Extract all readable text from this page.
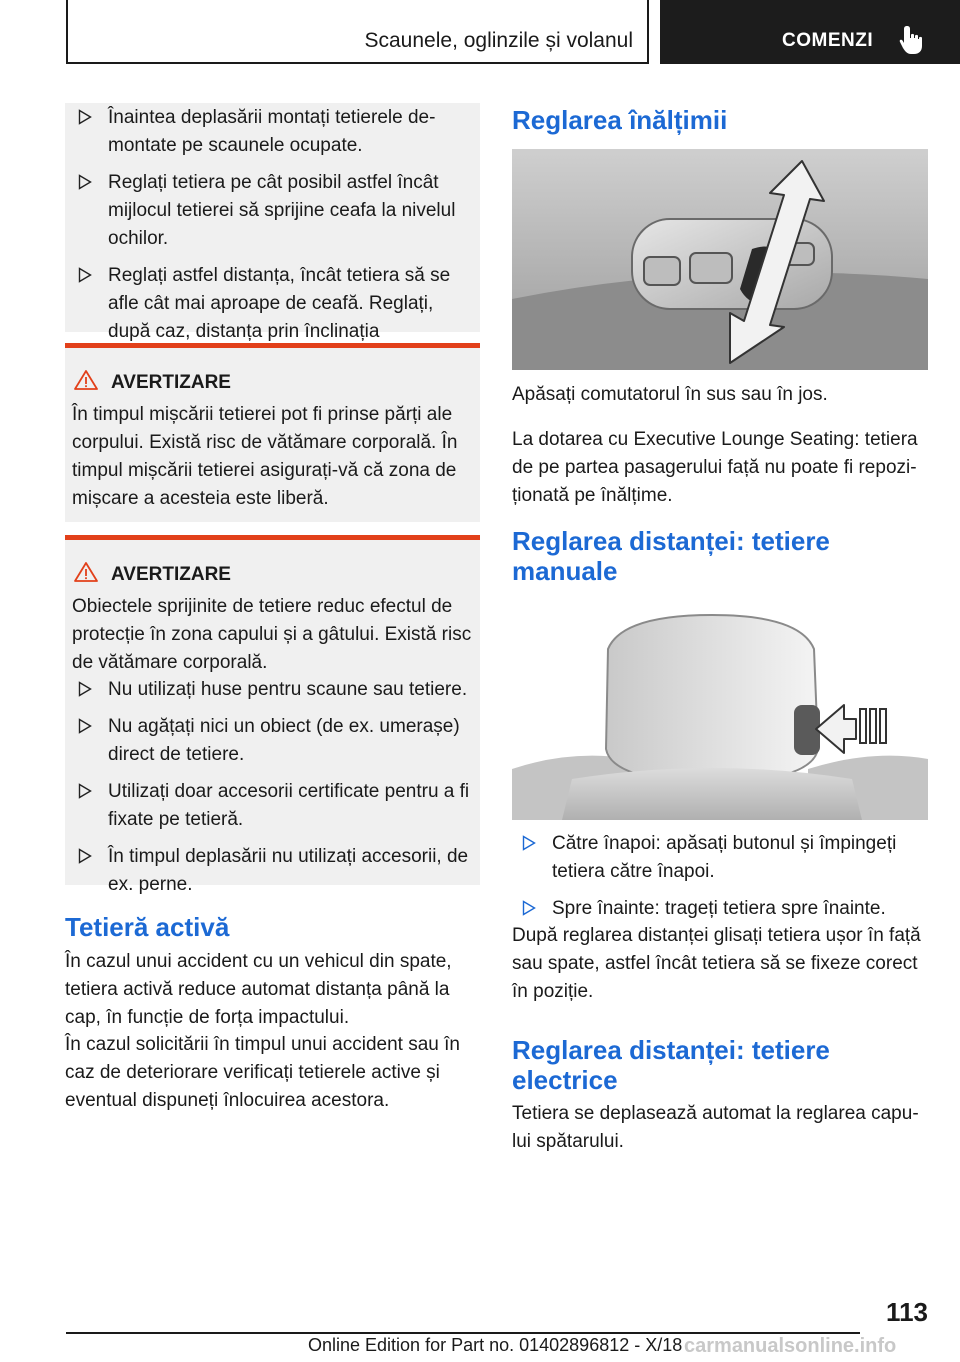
Scaunele, oglinzile și volanul	COMENZI
Înaintea deplasării montați tetierele demontate pe scaunele ocupate.
Reglați tetiera pe cât posibil astfel încât mijlocul tetierei să sprijine ceafa la nivelul ochilor.
Reglați astfel distanța, încât tetiera să se afle cât mai aproape de ceafă. Reglați, după caz, distanța prin înclinația
AVERTIZARE

În timpul mișcării tetierei pot fi prinse părți ale corpului. Există risc de vătămare corporală. În timpul mișcării tetierei asigurați-vă că zona de mișcare a acesteia este liberă.

AVERTIZARE

Obiectele sprijinite de tetiere reduc efectul de protecție în zona capului și a gâtului. Există risc de vătămare corporală.

Nu utilizați huse pentru scaune sau tetiere.
Nu agățați nici un obiect (de ex. umerașe) direct de tetiere.
Utilizați doar accesorii certificate pentru a fi fixate pe tetieră.
În timpul deplasării nu utilizați accesorii, de ex. perne.
Tetieră activă

În cazul unui accident cu un vehicul din spate, tetiera activă reduce automat distanța până la cap, în funcție de forța impactului.

În cazul solicitării în timpul unui accident sau în caz de deteriorare verificați tetierele active și eventual dispuneți înlocuirea acestora.

Reglarea înălțimii

Apăsați comutatorul în sus sau în jos.

La dotarea cu Executive Lounge Seating: tetiera de pe partea pasagerului față nu poate fi repoziționată pe înălțime.

Reglarea distanței: tetiere manuale
Către înapoi: apăsați butonul și împingeți tetiera către înapoi.
Spre înainte: trageți tetiera spre înainte.

După reglarea distanței glisați tetiera ușor în față sau spate, astfel încât tetiera să se fixeze corect în poziție.

Reglarea distanței: tetiere electrice

Tetiera se deplasează automat la reglarea capului spătarului.

113
Online Edition for Part no. 01402896812 - X/18 carmanualsonline.info
